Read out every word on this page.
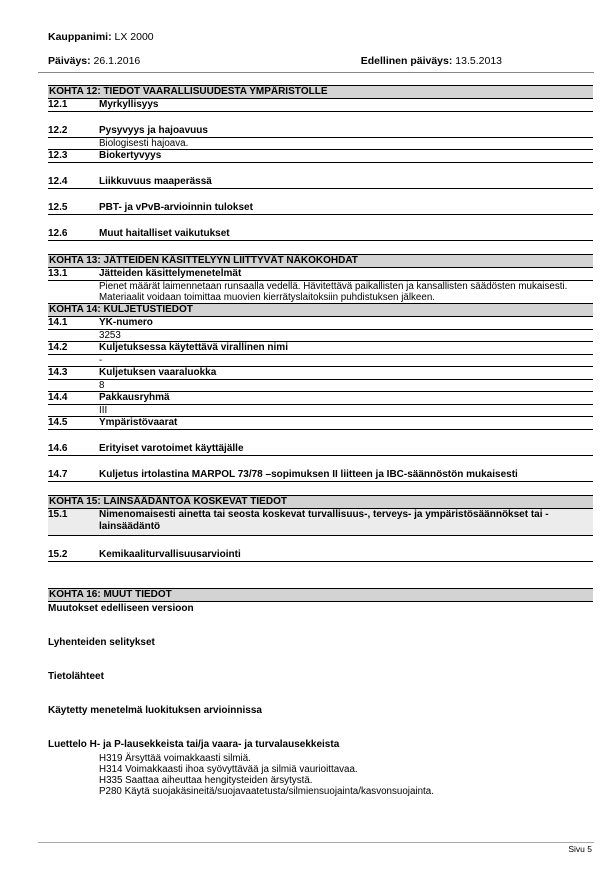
Kauppanimi: LX 2000
Päiväys: 26.1.2016	Edellinen päiväys: 13.5.2013
KOHTA 12: TIEDOT VAARALLISUUDESTA YMPÄRISTÖLLE
12.1	Myrkyllisyys
12.2	Pysyvyys ja hajoavuus
Biologisesti hajoava.
12.3	Biokertyvyys
12.4	Liikkuvuus maaperässä
12.5	PBT- ja vPvB-arvioinnin tulokset
12.6	Muut haitalliset vaikutukset
KOHTA 13: JÄTTEIDEN KÄSITTELYYN LIITTYVÄT NÄKÖKOHDAT
13.1	Jätteiden käsittelymenetelmät
Pienet määrät laimennetaan runsaalla vedellä. Hävitettävä paikallisten ja kansallisten säädösten mukaisesti. Materiaalit voidaan toimittaa muovien kierrätyslaitoksiin puhdistuksen jälkeen.
KOHTA 14: KULJETUSTIEDOT
14.1	YK-numero
3253
14.2	Kuljetuksessa käytettävä virallinen nimi
-
14.3	Kuljetuksen vaaraluokka
8
14.4	Pakkausryhmä
III
14.5	Ympäristövaarat
14.6	Erityiset varotoimet käyttäjälle
14.7	Kuljetus irtolastina MARPOL 73/78 –sopimuksen II liitteen ja IBC-säännöstön mukaisesti
KOHTA 15: LAINSÄÄDÄNTÖÄ KOSKEVAT TIEDOT
15.1	Nimenomaisesti ainetta tai seosta koskevat turvallisuus-, terveys- ja ympäristösäännökset tai -lainsäädäntö
15.2	Kemikaaliturvallisuusarviointi
KOHTA 16: MUUT TIEDOT

Muutokset edelliseen versioon

Lyhenteiden selitykset

Tietolähteet

Käytetty menetelmä luokituksen arvioinnissa

Luettelo H- ja P-lausekkeista tai/ja vaara- ja turvalausekkeista

H319 Ärsyttää voimakkaasti silmiä.
H314 Voimakkaasti ihoa syövyttävää ja silmiä vaurioittavaa.
H335 Saattaa aiheuttaa hengitysteiden ärsytystä.
P280 Käytä suojakäsineitä/suojavaatetusta/silmiensuojainta/kasvonsuojainta.
Sivu 5
